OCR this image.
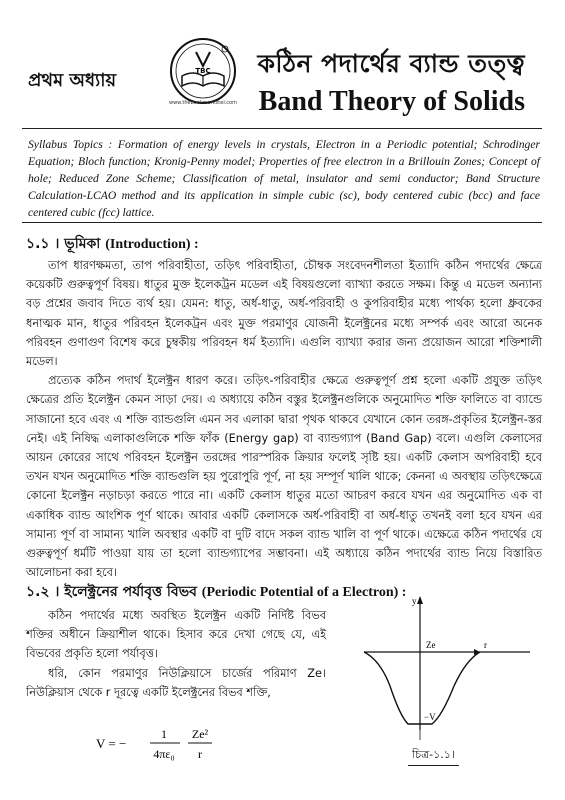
প্রথম অধ্যায়	TBC
www.thebookmarkstel.com
কঠিন পদার্থের ব্যান্ড তত্ত্ব
Band Theory of Solids
Syllabus Topics : Formation of energy levels in crystals, Electron in a Periodic potential; Schrodinger Equation; Bloch function; Kronig-Penny model; Properties of free electron in a Brillouin Zones; Concept of hole; Reduced Zone Scheme; Classification of metal, insulator and semi conductor; Band Structure Calculation-LCAO method and its application in simple cubic (sc), body centered cubic (bcc) and face centered cubic (fcc) lattice.
১.১ । ভূমিকা (Introduction) :

তাপ ধারণক্ষমতা, তাপ পরিবাহীতা, তড়িৎ পরিবাহীতা, চৌম্বক সংবেদনশীলতা ইত্যাদি কঠিন পদার্থের ক্ষেত্রে কয়েকটি গুরুত্বপূর্ণ বিষয়। ধাতুর মুক্ত ইলেকট্রন মডেল এই বিষয়গুলো ব্যাখ্যা করতে সক্ষম। কিন্তু এ মডেল অন্যান্য বড় প্রশ্নের জবাব দিতে ব্যর্থ হয়। যেমন: ধাতু, অর্ধ-ধাতু, অর্ধ-পরিবাহী ও কুপরিবাহীর মধ্যে পার্থক্য হলো ধ্রুবকের ধনাত্মক মান, ধাতুর পরিবহন ইলেকট্রন এবং মুক্ত পরমাণুর যোজনী ইলেক্ট্রনের মধ্যে সম্পর্ক এবং আরো অনেক পরিবহন গুণাগুণ বিশেষ করে চুম্বকীয় পরিবহন ধর্ম ইত্যাদি। এগুলি ব্যাখ্যা করার জন্য প্রয়োজন আরো শক্তিশালী মডেল।

প্রত্যেক কঠিন পদার্থ ইলেক্ট্রন ধারণ করে। তড়িৎ-পরিবাহীর ক্ষেত্রে গুরুত্বপূর্ণ প্রশ্ন হলো একটি প্রযুক্ত তড়িৎ ক্ষেত্রের প্রতি ইলেক্ট্রন কেমন সাড়া দেয়। এ অধ্যায়ে কঠিন বস্তুর ইলেক্ট্রনগুলিকে অনুমোদিত শক্তি ফালিতে বা ব্যান্ডে সাজানো হবে এবং এ শক্তি ব্যান্ডগুলি এমন সব এলাকা দ্বারা পৃথক থাকবে যেখানে কোন তরঙ্গ-প্রকৃতির ইলেক্ট্রন-স্তর নেই। এই নিষিদ্ধ এলাকাগুলিকে শক্তি ফাঁক (Energy gap) বা ব্যান্ডগ্যাপ (Band Gap) বলে। এগুলি কেলাসের আয়ন কোরের সাথে পরিবহন ইলেক্ট্রন তরঙ্গের পারস্পরিক ক্রিয়ার ফলেই সৃষ্টি হয়। একটি কেলাস অপরিবাহী হবে তখন যখন অনুমোদিত শক্তি ব্যান্ডগুলি হয় পুরোপুরি পূর্ণ, না হয় সম্পূর্ণ খালি থাকে; কেননা এ অবস্থায় তড়িৎক্ষেত্রে কোনো ইলেক্ট্রন নড়াচড়া করতে পারে না। একটি কেলাস ধাতুর মতো আচরণ করবে যখন এর অনুমোদিত এক বা একাধিক ব্যান্ড আংশিক পূর্ণ থাকে। আবার একটি কেলাসকে অর্ধ-পরিবাহী বা অর্ধ-ধাতু তখনই বলা হবে যখন এর সামান্য পূর্ণ বা সামান্য খালি অবস্থার একটি বা দুটি বাদে সকল ব্যান্ড খালি বা পূর্ণ থাকে। এক্ষেত্রে কঠিন পদার্থের যে গুরুত্বপূর্ণ ধর্মটি পাওয়া যায় তা হলো ব্যান্ডগ্যাপের সম্ভাবনা। এই অধ্যায়ে কঠিন পদার্থের ব্যান্ড নিয়ে বিস্তারিত আলোচনা করা হবে।

১.২ । ইলেক্ট্রনের পর্যাবৃত্ত বিভব (Periodic Potential of a Electron) :

কঠিন পদার্থের মধ্যে অবস্থিত ইলেক্ট্রন একটি নির্দিষ্ট বিভব শক্তির অধীনে ক্রিয়াশীল থাকে। হিসাব করে দেখা গেছে যে, এই বিভবের প্রকৃতি হলো পর্যাবৃত্ত।

ধরি, কোন পরমাণুর নিউক্লিয়াসে চার্জের পরিমাণ Ze। নিউক্লিয়াস থেকে r দূরত্বে একটি ইলেক্ট্রনের বিভব শক্তি,

V = −
1
4πε₀
Ze²
r
y
Ze	r
−V
চিত্র-১.১।
